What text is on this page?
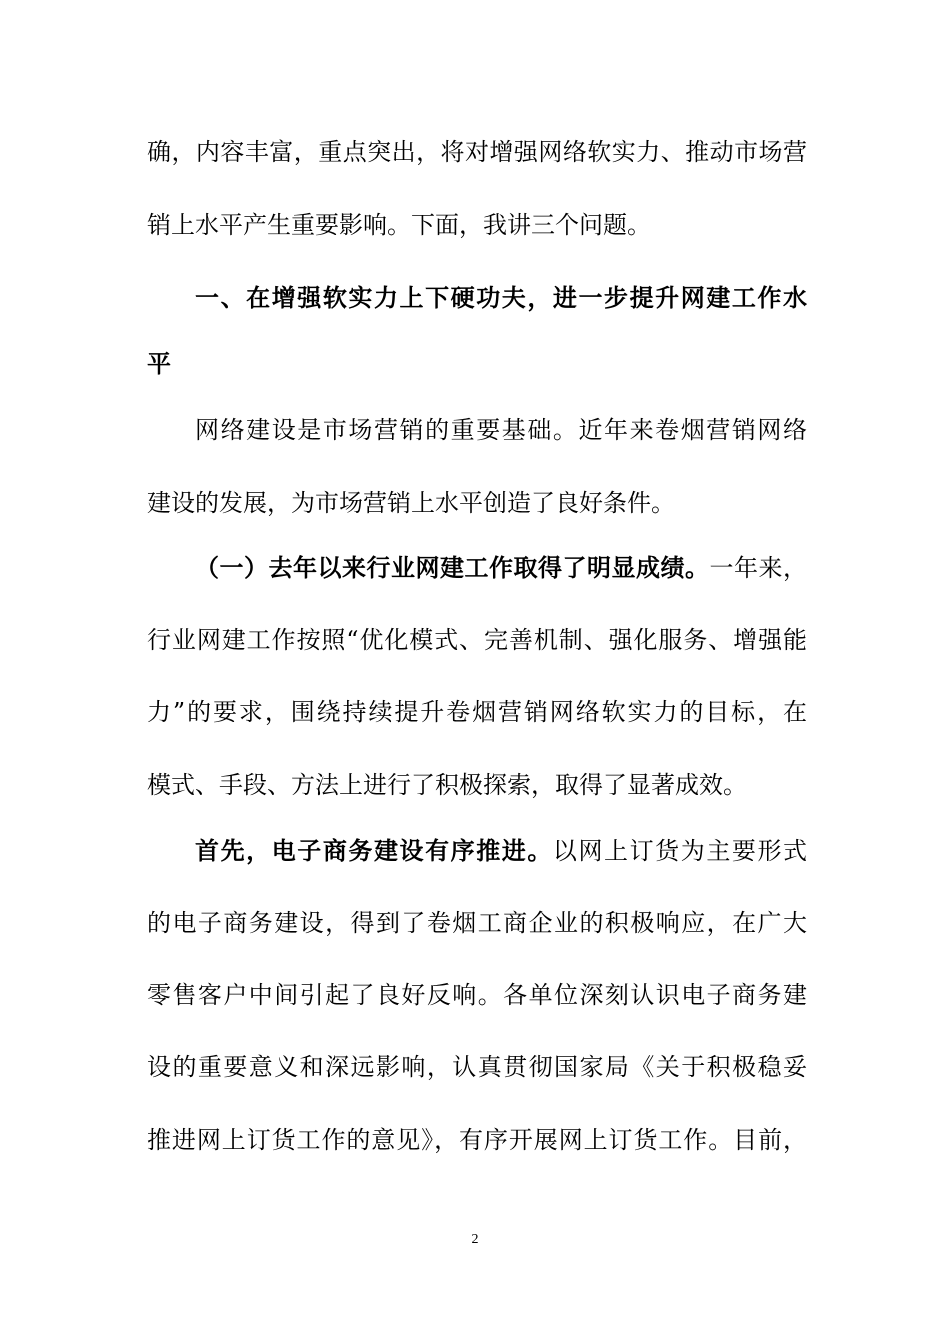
确，内容丰富，重点突出，将对增强网络软实力、推动市场营
销上水平产生重要影响。下面，我讲三个问题。
一、在增强软实力上下硬功夫，进一步提升网建工作水
平
网络建设是市场营销的重要基础。近年来卷烟营销网络
建设的发展，为市场营销上水平创造了良好条件。
（一）去年以来行业网建工作取得了明显成绩。一年来，
行业网建工作按照“优化模式、完善机制、强化服务、增强能
力”的要求，围绕持续提升卷烟营销网络软实力的目标，在
模式、手段、方法上进行了积极探索，取得了显著成效。
首先，电子商务建设有序推进。以网上订货为主要形式
的电子商务建设，得到了卷烟工商企业的积极响应，在广大
零售客户中间引起了良好反响。各单位深刻认识电子商务建
设的重要意义和深远影响，认真贯彻国家局《关于积极稳妥
推进网上订货工作的意见》，有序开展网上订货工作。目前，
2
